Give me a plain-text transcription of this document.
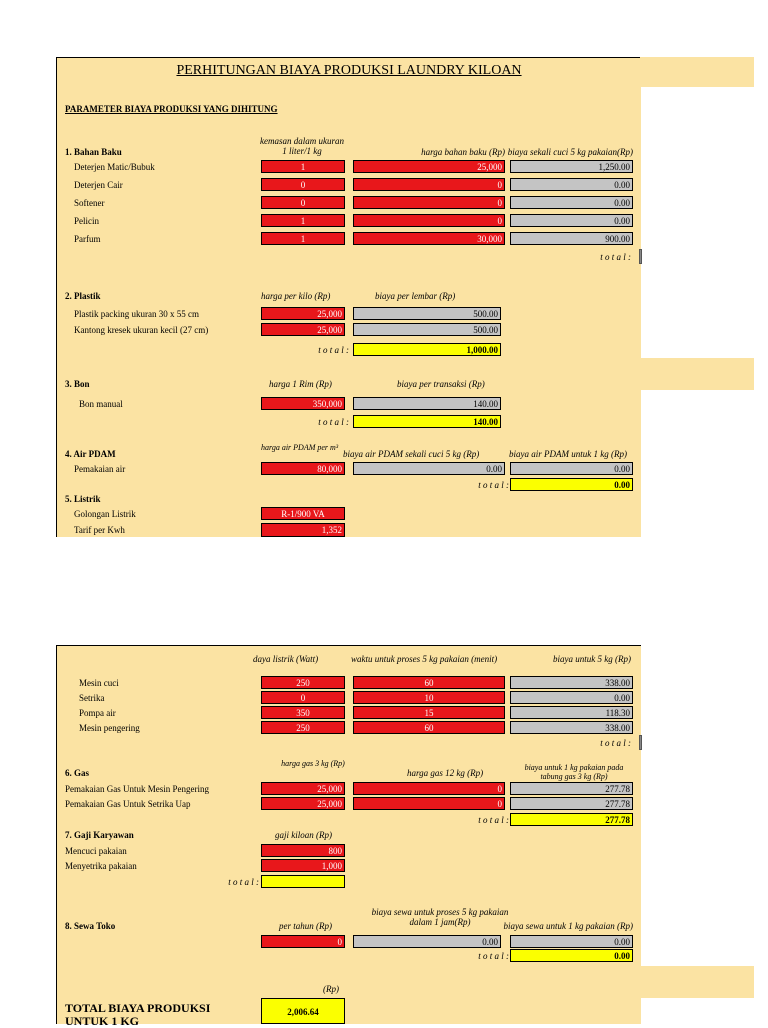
PERHITUNGAN BIAYA PRODUKSI LAUNDRY KILOAN
PARAMETER BIAYA PRODUKSI YANG DIHITUNG
kemasan dalam ukuran 1 liter/1 kg	harga bahan baku (Rp) biaya sekali cuci 5 kg pakaian(Rp)
1. Bahan Baku
Deterjen Matic/Bubuk	1	25,000	1,250.00
Deterjen Cair	0	0	0.00
Softener	0	0	0.00
Pelicin	1	0	0.00
Parfum	1	30,000	900.00
t o t a l :
2. Plastik	harga per kilo (Rp)	biaya per lembar (Rp)
Plastik packing ukuran 30 x 55 cm	25,000	500.00
Kantong kresek ukuran kecil (27 cm)	25,000	500.00
t o t a l :	1,000.00
3. Bon	harga 1 Rim (Rp)	biaya per transaksi (Rp)
Bon manual	350,000	140.00
t o t a l :	140.00
harga air PDAM per m³
biaya air PDAM sekali cuci 5 kg (Rp)	biaya air PDAM untuk 1 kg (Rp)
4. Air PDAM
Pemakaian air	80,000	0.00	0.00
t o t a l :	0.00
5. Listrik
Golongan Listrik	R-1/900 VA
Tarif per Kwh	1,352
daya listrik (Watt)	waktu untuk proses 5 kg pakaian (menit)	biaya untuk 5 kg (Rp)
Mesin cuci	250	60	338.00
Setrika	0	10	0.00
Pompa air	350	15	118.30
Mesin pengering	250	60	338.00
t o t a l :
harga gas 3 kg (Rp)
harga gas 12 kg (Rp)
biaya untuk 1 kg pakaian pada tabung gas 3 kg (Rp)
6. Gas
Pemakaian Gas Untuk Mesin Pengering	25,000	0	277.78
Pemakaian Gas Untuk Setrika Uap	25,000	0	277.78
t o t a l :	277.78
7. Gaji Karyawan	gaji kiloan (Rp)
Mencuci pakaian	800
Menyetrika pakaian	1,000
t o t a l :
biaya sewa untuk proses 5 kg pakaian dalam 1 jam(Rp)
8. Sewa Toko	per tahun (Rp)	biaya sewa untuk 1 kg pakaian (Rp)
0	0.00	0.00
t o t a l :	0.00
(Rp)
TOTAL BIAYA PRODUKSI
UNTUK 1 KG
2,006.64
